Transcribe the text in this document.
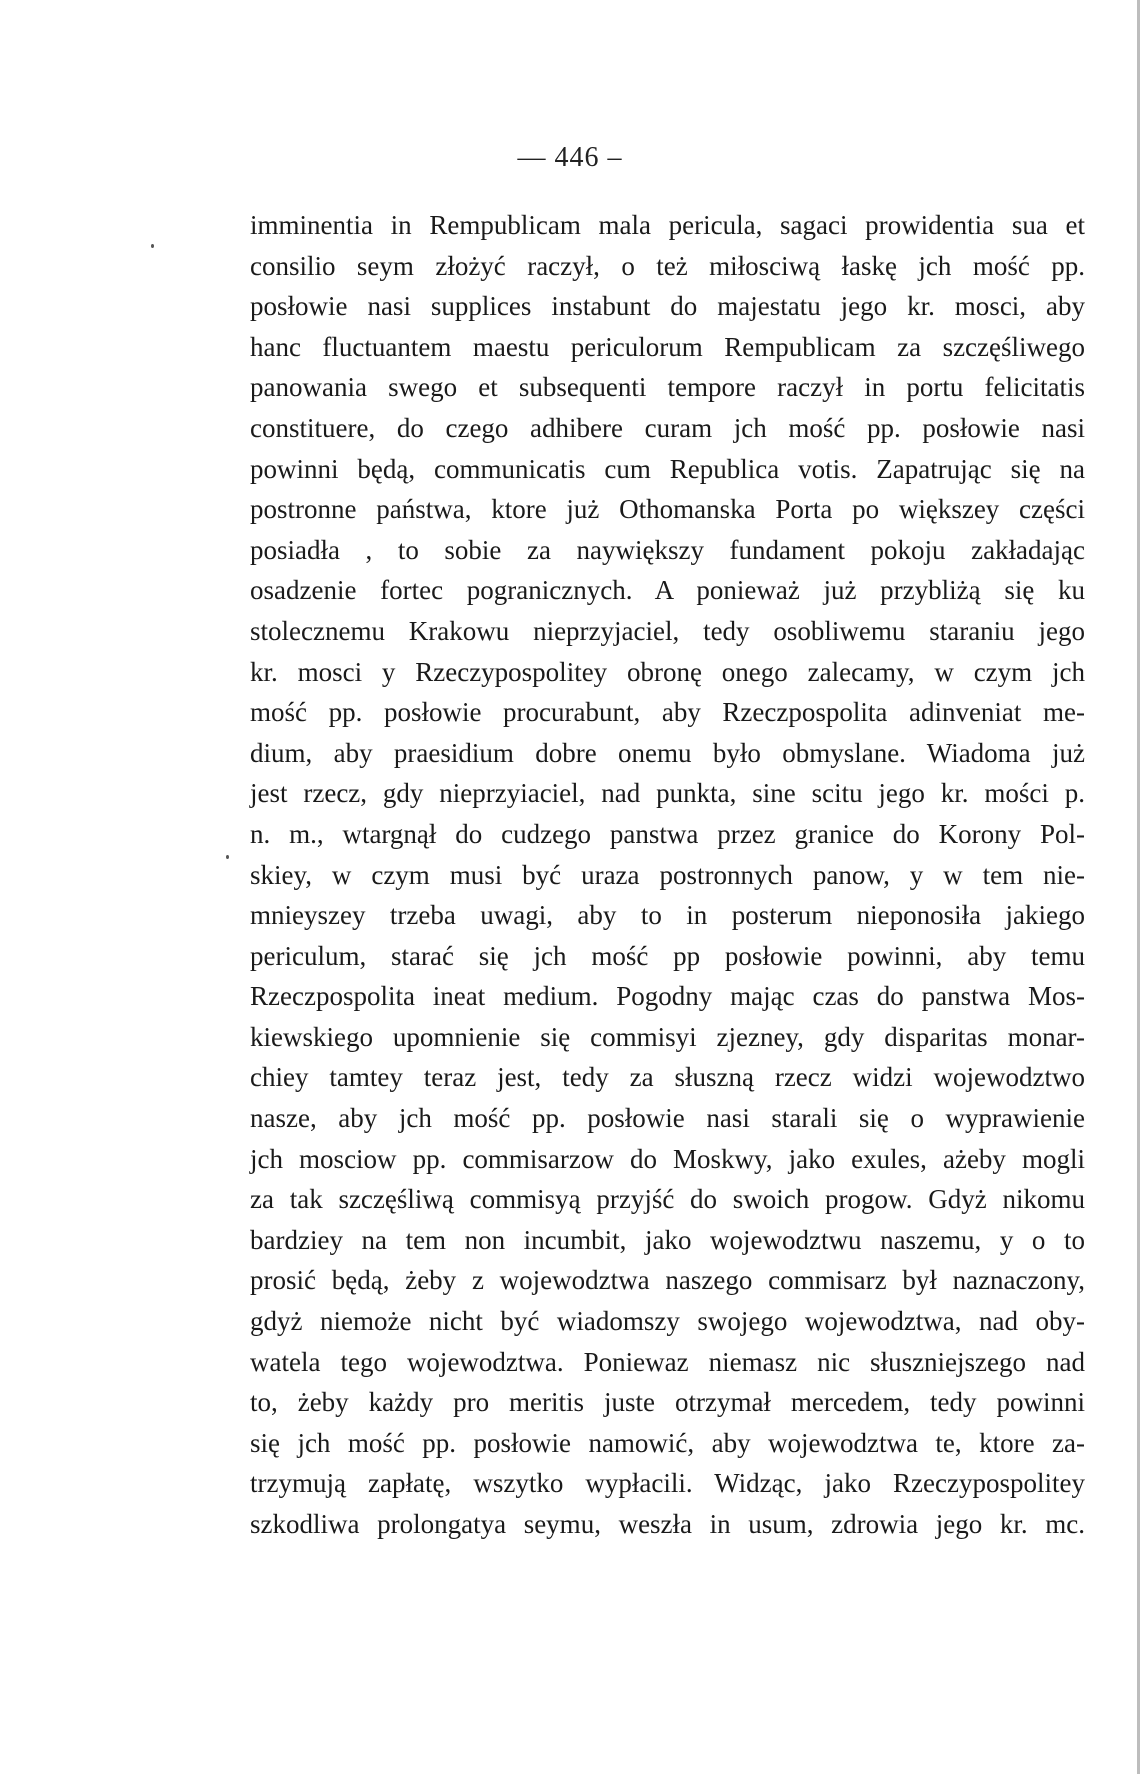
— 446 –
imminentia in Rempublicam mala pericula, sagaci prowidentia sua et
consilio seym złożyć raczył, o też miłosciwą łaskę jch mość pp.
posłowie nasi supplices instabunt do majestatu jego kr. mosci, aby
hanc fluctuantem maestu periculorum Rempublicam za szczęśliwego
panowania swego et subsequenti tempore raczył in portu felicitatis
constituere, do czego adhibere curam jch mość pp. posłowie nasi
powinni będą, communicatis cum Republica votis. Zapatrując się na
postronne państwa, ktore już Othomanska Porta po większey części
posiadła , to sobie za naywiększy fundament pokoju zakładając
osadzenie fortec pogranicznych. A ponieważ już przybliżą się ku
stolecznemu Krakowu nieprzyjaciel, tedy osobliwemu staraniu jego
kr. mosci y Rzeczypospolitey obronę onego zalecamy, w czym jch
mość pp. posłowie procurabunt, aby Rzeczpospolita adinveniat me-
dium, aby praesidium dobre onemu było obmyslane. Wiadoma już
jest rzecz, gdy nieprzyiaciel, nad punkta, sine scitu jego kr. mości p.
n. m., wtargnął do cudzego panstwa przez granice do Korony Pol-
skiey, w czym musi być uraza postronnych panow, y w tem nie-
mnieyszey trzeba uwagi, aby to in posterum nieponosiła jakiego
periculum, starać się jch mość pp posłowie powinni, aby temu
Rzeczpospolita ineat medium. Pogodny mając czas do panstwa Mos-
kiewskiego upomnienie się commisyi zjezney, gdy disparitas monar-
chiey tamtey teraz jest, tedy za słuszną rzecz widzi wojewodztwo
nasze, aby jch mość pp. posłowie nasi starali się o wyprawienie
jch mosciow pp. commisarzow do Moskwy, jako exules, ażeby mogli
za tak szczęśliwą commisyą przyjść do swoich progow. Gdyż nikomu
bardziey na tem non incumbit, jako wojewodztwu naszemu, y o to
prosić będą, żeby z wojewodztwa naszego commisarz był naznaczony,
gdyż niemoże nicht być wiadomszy swojego wojewodztwa, nad oby-
watela tego wojewodztwa. Poniewaz niemasz nic słuszniejszego nad
to, żeby każdy pro meritis juste otrzymał mercedem, tedy powinni
się jch mość pp. posłowie namowić, aby wojewodztwa te, ktore za-
trzymują zapłatę, wszytko wypłacili. Widząc, jako Rzeczypospolitey
szkodliwa prolongatya seymu, weszła in usum, zdrowia jego kr. mc.
